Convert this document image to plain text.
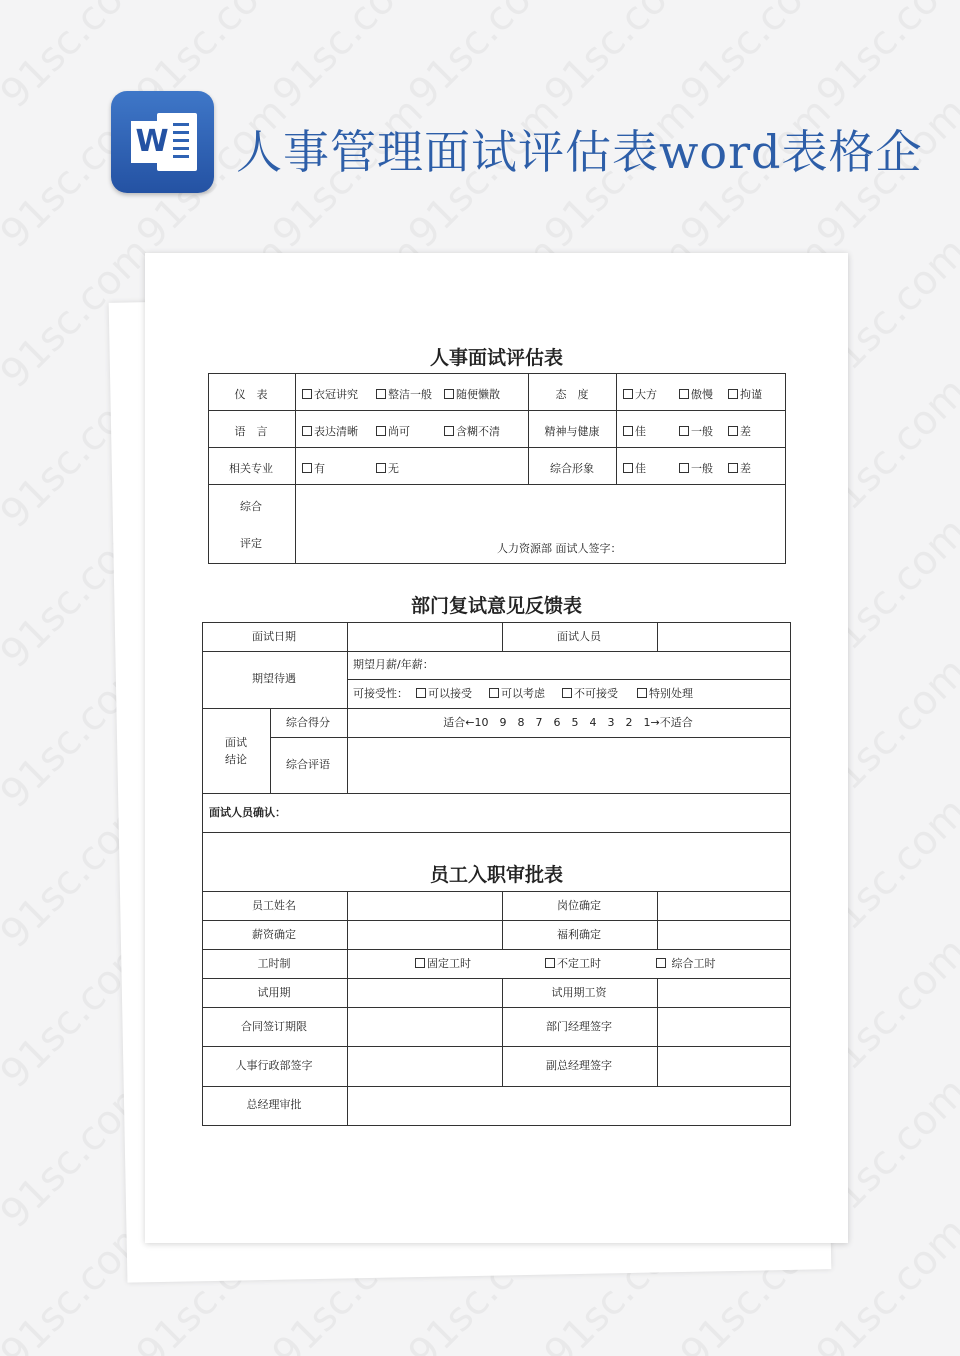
W 人事管理面试评估表word表格企
人事面试评估表
仪　表	衣冠讲究	整洁一般	随便懒散	态　度	大方	傲慢	拘谨
语　言	表达清晰	尚可	含糊不清	精神与健康	佳	一般	差
相关专业	有	无	综合形象	佳	一般	差
综合
评定	人力资源部 面试人签字：
部门复试意见反馈表
面试日期	面试人员
期望待遇
期望月薪/年薪：
可接受性：	可以接受	可以考虑	不可接受	特别处理
面试
结论
综合得分	适合←10　9　8　7　6　5　4　3　2　1→不适合
综合评语
面试人员确认：
员工入职审批表
员工姓名	岗位确定
薪资确定	福利确定
工时制	固定工时	不定工时	综合工时
试用期	试用期工资
合同签订期限	部门经理签字
人事行政部签字	副总经理签字
总经理审批
